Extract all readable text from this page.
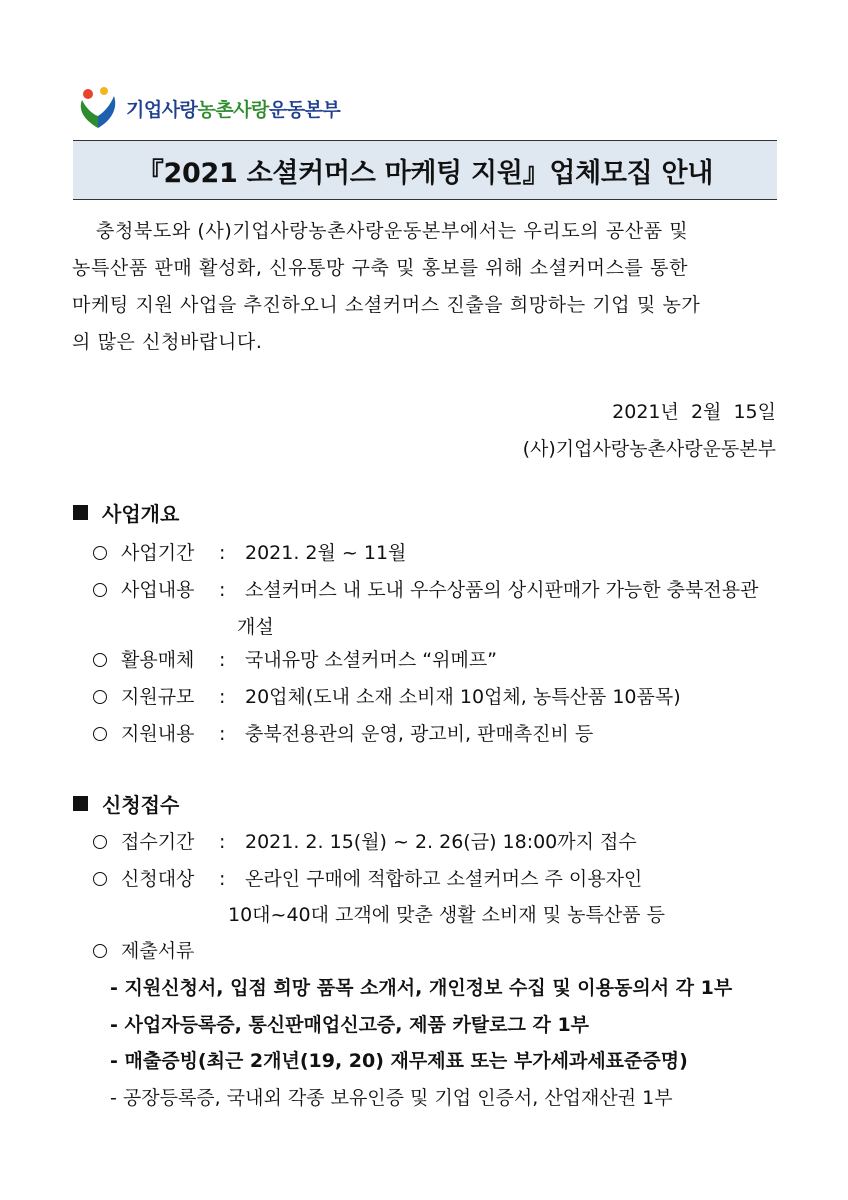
기업사랑농촌사랑운동본부
『2021 소셜커머스 마케팅 지원』업체모집 안내
충청북도와 (사)기업사랑농촌사랑운동본부에서는 우리도의 공산품 및
농특산품 판매 활성화, 신유통망 구축 및 홍보를 위해 소셜커머스를 통한
마케팅 지원 사업을 추진하오니 소셜커머스 진출을 희망하는 기업 및 농가
의 많은 신청바랍니다.
2021년  2월  15일
(사)기업사랑농촌사랑운동본부
사업개요
사업기간	:	2021. 2월 ~ 11월
사업내용	:	소셜커머스 내 도내 우수상품의 상시판매가 가능한 충북전용관
개설
활용매체	:	국내유망 소셜커머스 “위메프”
지원규모	:	20업체(도내 소재 소비재 10업체, 농특산품 10품목)
지원내용	:	충북전용관의 운영, 광고비, 판매촉진비 등
신청접수
접수기간	:	2021. 2. 15(월) ~ 2. 26(금) 18:00까지 접수
신청대상	:	온라인 구매에 적합하고 소셜커머스 주 이용자인
10대~40대 고객에 맞춘 생활 소비재 및 농특산품 등
제출서류
- 지원신청서, 입점 희망 품목 소개서, 개인정보 수집 및 이용동의서 각 1부
- 사업자등록증, 통신판매업신고증, 제품 카탈로그 각 1부
- 매출증빙(최근 2개년(19, 20) 재무제표 또는 부가세과세표준증명)
- 공장등록증, 국내외 각종 보유인증 및 기업 인증서, 산업재산권 1부
